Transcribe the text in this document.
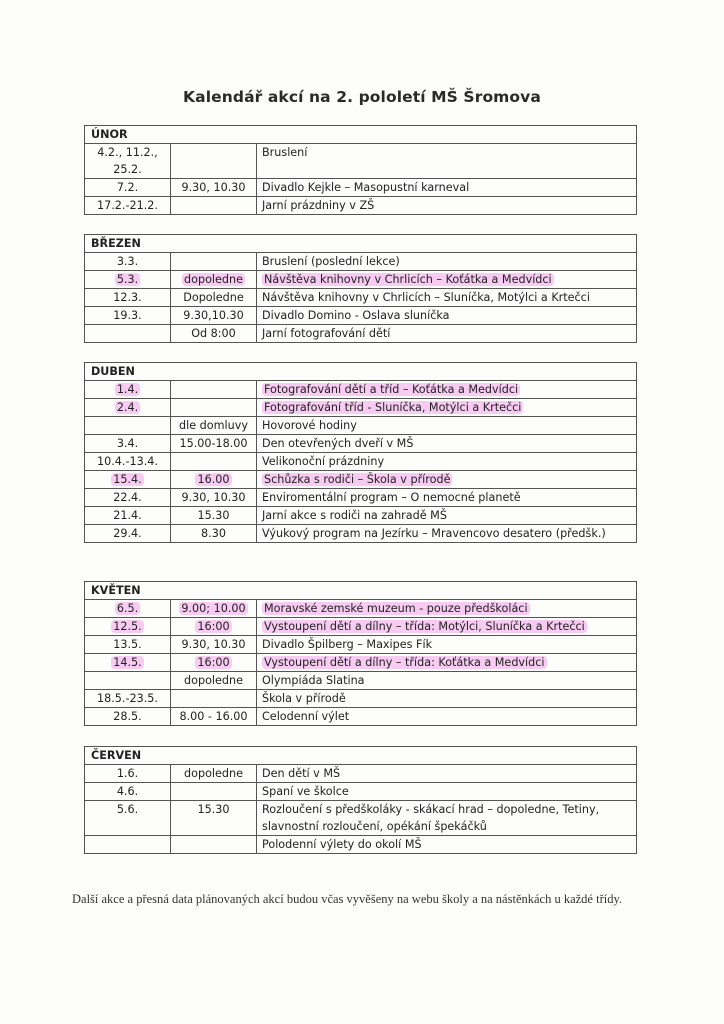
Kalendář akcí na 2. pololetí MŠ Šromova
ÚNOR		
4.2., 11.2., 25.2.		Bruslení
7.2.	9.30, 10.30	Divadlo Kejkle – Masopustní karneval
17.2.-21.2.		Jarní prázdniny v ZŠ
BŘEZEN		
3.3.		Bruslení (poslední lekce)
5.3.	dopoledne	Návštěva knihovny v Chrlicích – Koťátka a Medvídci
12.3.	Dopoledne	Návštěva knihovny v Chrlicích – Sluníčka, Motýlci a Krtečci
19.3.	9.30,10.30	Divadlo Domino - Oslava sluníčka
	Od 8:00	Jarní fotografování dětí
DUBEN		
1.4.		Fotografování dětí a tříd – Koťátka a Medvídci
2.4.		Fotografování tříd - Sluníčka, Motýlci a Krtečci
	dle domluvy	Hovorové hodiny
3.4.	15.00-18.00	Den otevřených dveří v MŠ
10.4.-13.4.		Velikonoční prázdniny
15.4.	16.00	Schůzka s rodiči – Škola v přírodě
22.4.	9.30, 10.30	Enviromentální program – O nemocné planetě
21.4.	15.30	Jarní akce s rodiči na zahradě MŠ
29.4.	8.30	Výukový program na Jezírku – Mravencovo desatero (předšk.)
KVĚTEN		
6.5.	9.00; 10.00	Moravské zemské muzeum - pouze předškoláci
12.5.	16:00	Vystoupení dětí a dílny – třída: Motýlci, Sluníčka a Krtečci
13.5.	9.30, 10.30	Divadlo Špilberg – Maxipes Fík
14.5.	16:00	Vystoupení dětí a dílny – třída: Koťátka a Medvídci
	dopoledne	Olympiáda Slatina
18.5.-23.5.		Škola v přírodě
28.5.	8.00 - 16.00	Celodenní výlet
ČERVEN		
1.6.	dopoledne	Den dětí v MŠ
4.6.		Spaní ve školce
5.6.	15.30	Rozloučení s předškoláky - skákací hrad – dopoledne, Tetiny, slavnostní rozloučení, opékání špekáčků
		Polodenní výlety do okolí MŠ
Další akce a přesná data plánovaných akcí budou včas vyvěšeny na webu školy a na nástěnkách u každé třídy.
